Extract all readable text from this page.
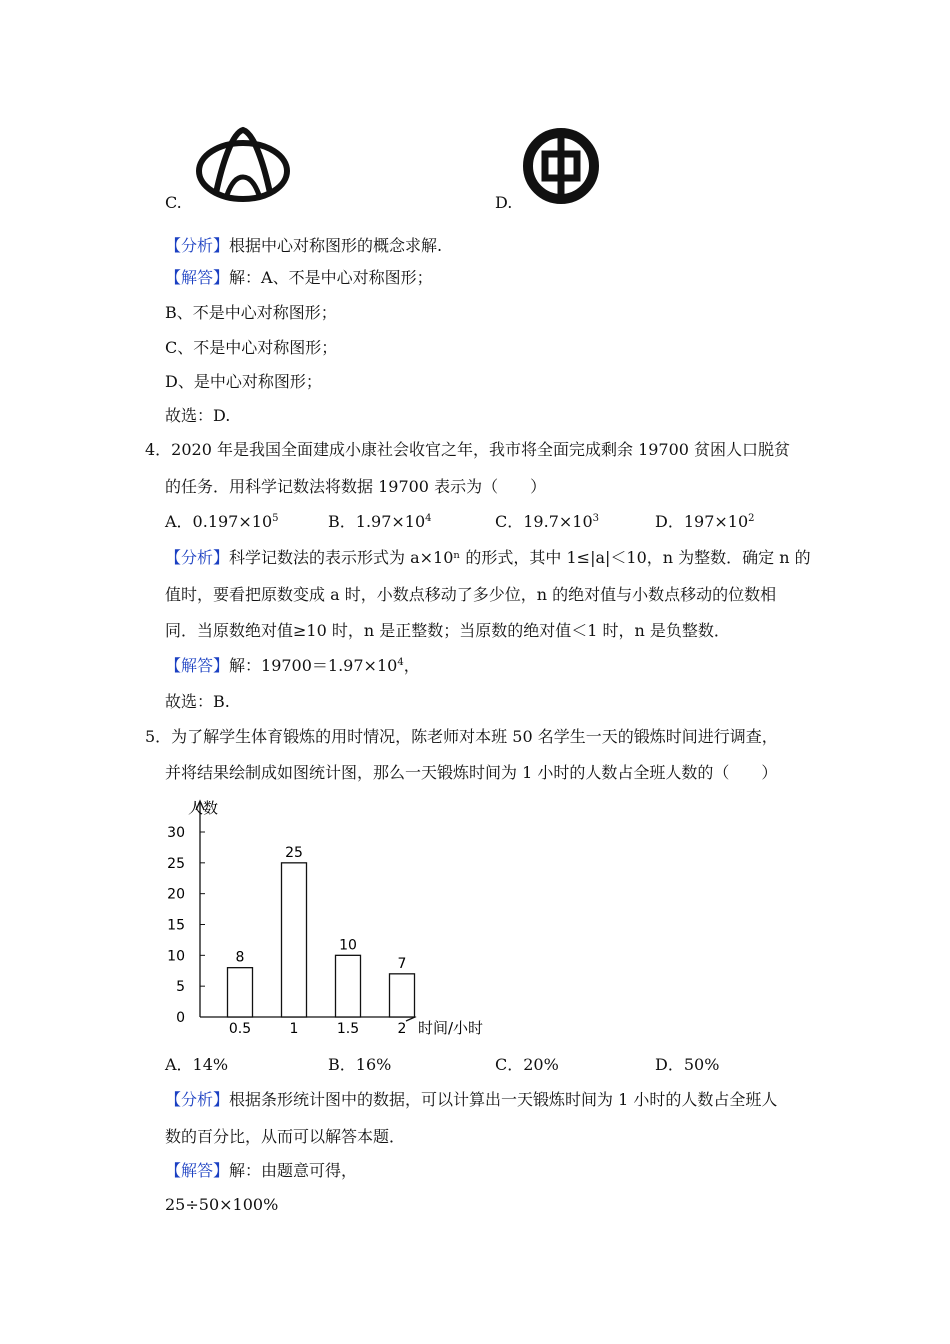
C.	D.
【分析】根据中心对称图形的概念求解.
【解答】解：A、不是中心对称图形；
B、不是中心对称图形；
C、不是中心对称图形；
D、是中心对称图形；
故选：D.
4．2020 年是我国全面建成小康社会收官之年，我市将全面完成剩余 19700 贫困人口脱贫
的任务．用科学记数法将数据 19700 表示为（　　）
A．$0.197\times 10^5$	B．$1.97\times 10^4$	C．$19.7\times 10^3$	D．$197\times 10^2$
【分析】科学记数法的表示形式为 a×10ⁿ 的形式，其中 1≤|a|＜10，n 为整数．确定 n 的
值时，要看把原数变成 a 时，小数点移动了多少位，n 的绝对值与小数点移动的位数相
同．当原数绝对值≥10 时，n 是正整数；当原数的绝对值＜1 时，n 是负整数．
【解答】解：$19700=1.97\times 10^4$，
故选：B.
5．为了解学生体育锻炼的用时情况，陈老师对本班 50 名学生一天的锻炼时间进行调查，
并将结果绘制成如图统计图，那么一天锻炼时间为 1 小时的人数占全班人数的（　　）
0
5
10
15
20
25
30
8
25
10
7
0.5	1	1.5	2
人数
时间/小时
A．14%	B．16%	C．20%	D．50%
【分析】根据条形统计图中的数据，可以计算出一天锻炼时间为 1 小时的人数占全班人
数的百分比，从而可以解答本题．
【解答】解：由题意可得，
25÷50×100%
